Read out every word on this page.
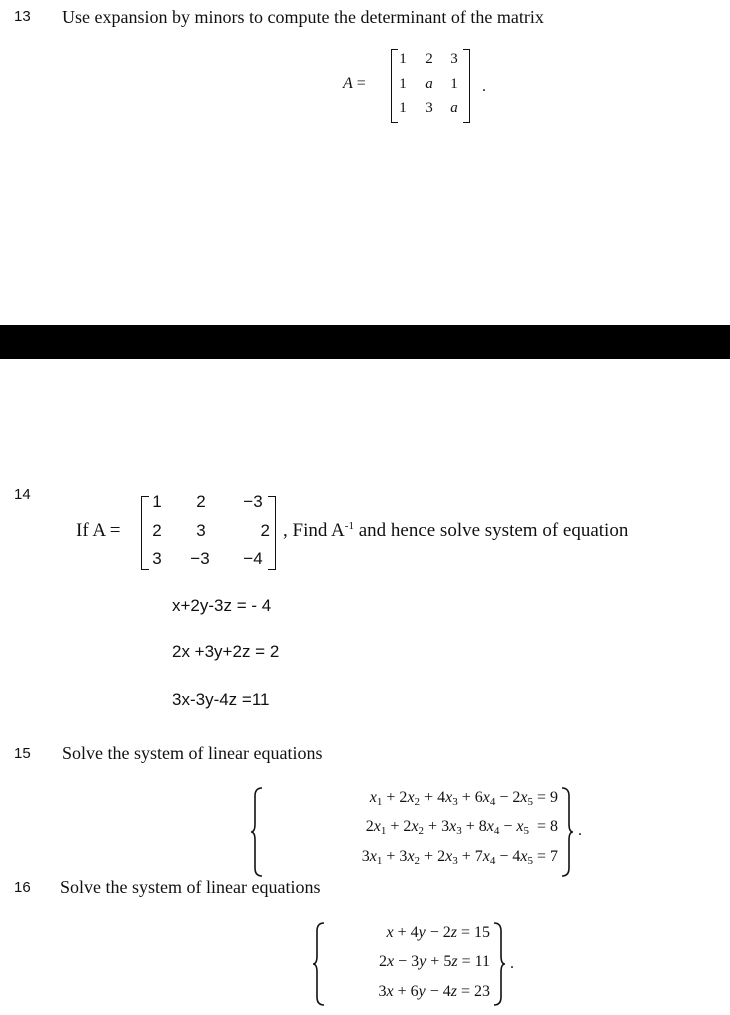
13 Use expansion by minors to compute the determinant of the matrix
A =
1 2 3
1 a 1
1 3 a
.
14
If A =
1	2	−3
2	3	2
3	−3	−4
, Find $A^{-1}$ and hence solve system of equation
x+2y-3z = - 4
2x +3y+2z = 2
3x-3y-4z =11
15 Solve the system of linear equations
$x_1 + 2x_2 + 4x_3 + 6x_4 - 2x_5 = 9$
$2x_1 + 2x_2 + 3x_3 + 8x_4 - x_5 = 8$
$3x_1 + 3x_2 + 2x_3 + 7x_4 - 4x_5 = 7$
.
16 Solve the system of linear equations
x + 4y − 2z = 15
2x − 3y + 5z = 11
3x + 6y − 4z = 23
.
